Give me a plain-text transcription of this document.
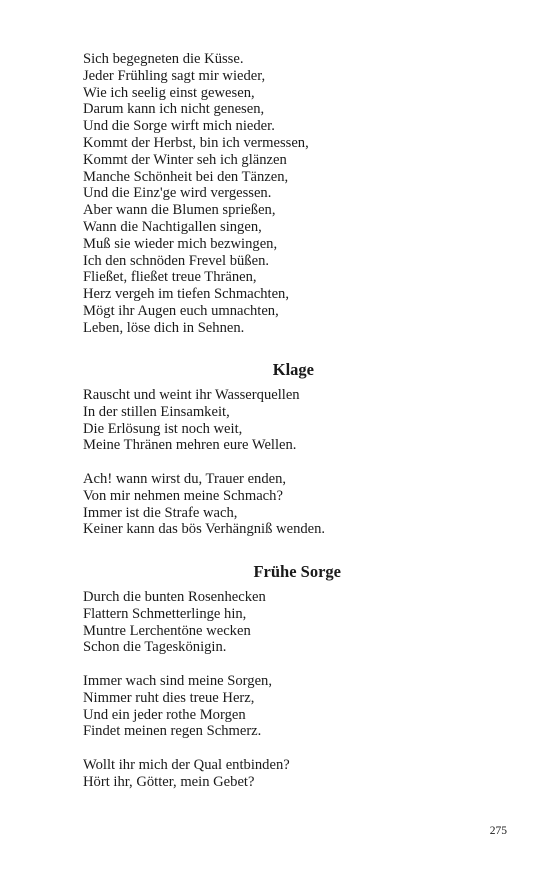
Sich begegneten die Küsse.
Jeder Frühling sagt mir wieder,
Wie ich seelig einst gewesen,
Darum kann ich nicht genesen,
Und die Sorge wirft mich nieder.
Kommt der Herbst, bin ich vermessen,
Kommt der Winter seh ich glänzen
Manche Schönheit bei den Tänzen,
Und die Einz'ge wird vergessen.
Aber wann die Blumen sprießen,
Wann die Nachtigallen singen,
Muß sie wieder mich bezwingen,
Ich den schnöden Frevel büßen.
Fließet, fließet treue Thränen,
Herz vergeh im tiefen Schmachten,
Mögt ihr Augen euch umnachten,
Leben, löse dich in Sehnen.
Klage
Rauscht und weint ihr Wasserquellen
In der stillen Einsamkeit,
Die Erlösung ist noch weit,
Meine Thränen mehren eure Wellen.
Ach! wann wirst du, Trauer enden,
Von mir nehmen meine Schmach?
Immer ist die Strafe wach,
Keiner kann das bös Verhängniß wenden.
Frühe Sorge
Durch die bunten Rosenhecken
Flattern Schmetterlinge hin,
Muntre Lerchentöne wecken
Schon die Tageskönigin.
Immer wach sind meine Sorgen,
Nimmer ruht dies treue Herz,
Und ein jeder rothe Morgen
Findet meinen regen Schmerz.
Wollt ihr mich der Qual entbinden?
Hört ihr, Götter, mein Gebet?
275
